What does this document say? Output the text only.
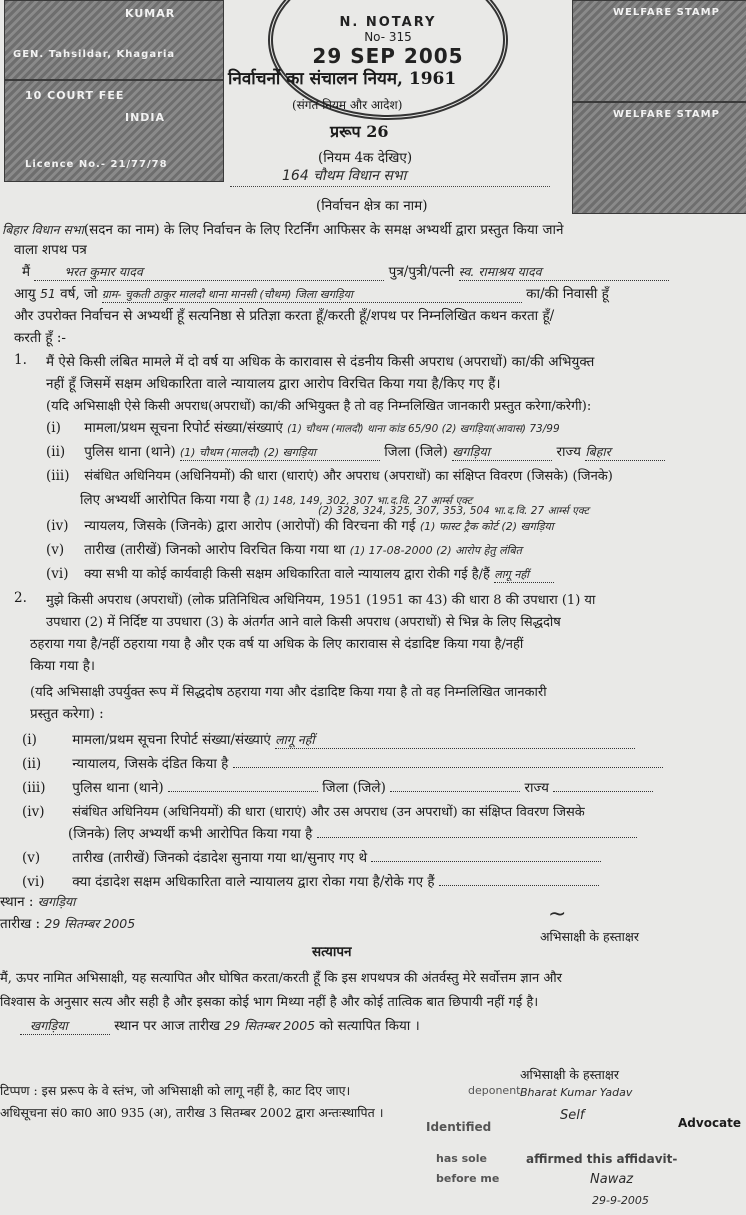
KUMAR
GEN. Tahsildar, Khagaria
10 COURT FEE
INDIA
Licence No.- 21/77/78
N. NOTARY
No- 315
29 SEP 2005
WELFARE STAMP
WELFARE STAMP
निर्वाचनों का संचालन नियम, 1961
(संगत नियम और आदेश)
प्ररूप 26
(नियम 4क देखिए)
164 चौथम विधान सभा
(निर्वाचन क्षेत्र का नाम)
बिहार विधान सभा(सदन का नाम) के लिए निर्वाचन के लिए रिटर्निंग आफिसर के समक्ष अभ्यर्थी द्वारा प्रस्तुत किया जाने
वाला शपथ पत्र
मैं	भरत कुमार यादव	पुत्र/पुत्री/पत्नी स्व. रामाश्रय यादव
आयु 51 वर्ष, जो ग्राम- चुकती ठाकुर मालदौ थाना मानसी (चौथम) जिला खगड़िया	का/की निवासी हूँ
और उपरोक्त निर्वाचन से अभ्यर्थी हूँ सत्यनिष्ठा से प्रतिज्ञा करता हूँ/करती हूँ/शपथ पर निम्नलिखित कथन करता हूँ/
करती हूँ :-
1. मैं ऐसे किसी लंबित मामले में दो वर्ष या अधिक के कारावास से दंडनीय किसी अपराध (अपराधों) का/की अभियुक्त
नहीं हूँ जिसमें सक्षम अधिकारिता वाले न्यायालय द्वारा आरोप विरचित किया गया है/किए गए हैं।
(यदि अभिसाक्षी ऐसे किसी अपराध(अपराधों) का/की अभियुक्त है तो वह निम्नलिखित जानकारी प्रस्तुत करेगा/करेगी):
(i) मामला/प्रथम सूचना रिपोर्ट संख्या/संख्याएं (1) चौथम (मालदौ) थाना कांड 65/90 (2) खगड़िया(आवास) 73/99
(ii) पुलिस थाना (थाने) (1) चौथम (मालदौ) (2) खगड़िया	जिला (जिले) खगड़िया	राज्य बिहार
(iii) संबंधित अधिनियम (अधिनियमों) की धारा (धाराएं) और अपराध (अपराधों) का संक्षिप्त विवरण (जिसके) (जिनके)
लिए अभ्यर्थी आरोपित किया गया है (1) 148, 149, 302, 307 भा.द.वि. 27 आर्म्स एक्ट
(2) 328, 324, 325, 307, 353, 504 भा.द.वि. 27 आर्म्स एक्ट
(iv) न्यायलय, जिसके (जिनके) द्वारा आरोप (आरोपों) की विरचना की गई (1) फास्ट ट्रैक कोर्ट (2) खगड़िया
(v) तारीख (तारीखें) जिनको आरोप विरचित किया गया था (1) 17-08-2000 (2) आरोप हेतु लंबित
(vi) क्या सभी या कोई कार्यवाही किसी सक्षम अधिकारिता वाले न्यायालय द्वारा रोकी गई है/हैं लागू नहीं
2. मुझे किसी अपराध (अपराधों) (लोक प्रतिनिधित्व अधिनियम, 1951 (1951 का 43) की धारा 8 की उपधारा (1) या
उपधारा (2) में निर्दिष्ट या उपधारा (3) के अंतर्गत आने वाले किसी अपराध (अपराधों) से भिन्न के लिए सिद्धदोष
ठहराया गया है/नहीं ठहराया गया है और एक वर्ष या अधिक के लिए कारावास से दंडादिष्ट किया गया है/नहीं
किया गया है।
(यदि अभिसाक्षी उपर्युक्त रूप में सिद्धदोष ठहराया गया और दंडादिष्ट किया गया है तो वह निम्नलिखित जानकारी
प्रस्तुत करेगा) :
(i)	मामला/प्रथम सूचना रिपोर्ट संख्या/संख्याएं लागू नहीं
(ii) न्यायालय, जिसके दंडित किया है
(iii) पुलिस थाना (थाने)	जिला (जिले)	राज्य
(iv) संबंधित अधिनियम (अधिनियमों) की धारा (धाराएं) और उस अपराध (उन अपराधों) का संक्षिप्त विवरण जिसके
(जिनके) लिए अभ्यर्थी कभी आरोपित किया गया है
(v) तारीख (तारीखें) जिनको दंडादेश सुनाया गया था/सुनाए गए थे
(vi) क्या दंडादेश सक्षम अधिकारिता वाले न्यायालय द्वारा रोका गया है/रोके गए हैं
स्थान : खगड़िया
तारीख : 29 सितम्बर 2005	~
अभिसाक्षी के हस्ताक्षर
सत्यापन
मैं, ऊपर नामित अभिसाक्षी, यह सत्यापित और घोषित करता/करती हूँ कि इस शपथपत्र की अंतर्वस्तु मेरे सर्वोत्तम ज्ञान और
विश्वास के अनुसार सत्य और सही है और इसका कोई भाग मिथ्या नहीं है और कोई तात्विक बात छिपायी नहीं गई है।
खगड़िया	स्थान पर आज तारीख 29 सितम्बर 2005 को सत्यापित किया ।
अभिसाक्षी के हस्ताक्षर
टिप्पण : इस प्ररूप के वे स्तंभ, जो अभिसाक्षी को लागू नहीं है, काट दिए जाए।
अधिसूचना सं0 का0 आ0 935 (अ), तारीख 3 सितम्बर 2002 द्वारा अन्तःस्थापित ।
Bharat Kumar Yadav
Self	Advocate
Identified
deponent
has sole	affirmed this affidavit-
before me	Nawaz
29-9-2005
